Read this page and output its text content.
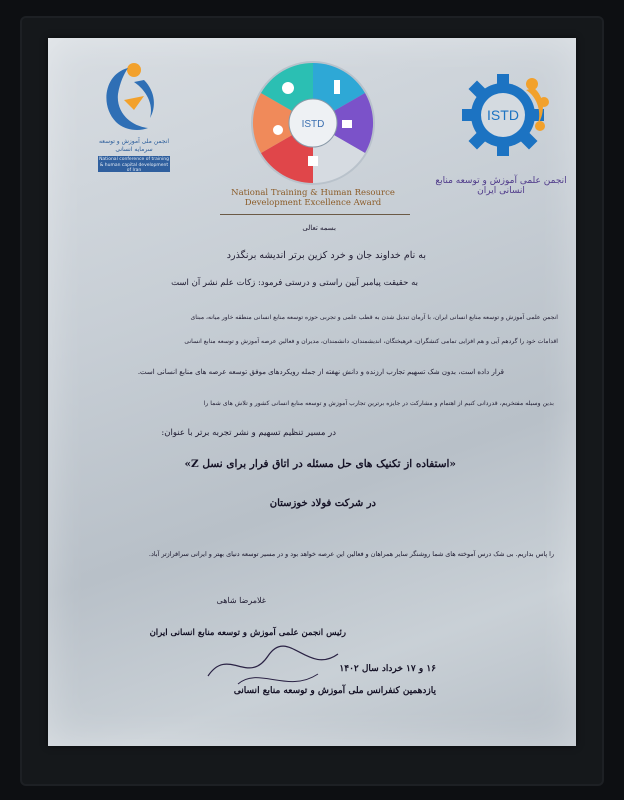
انجمن ملی آموزش و توسعه سرمایه انسانی
National conference of training & human capital development of Iran
ISTD
National Training & Human Resource Development Excellence Award
ISTD
انجمن علمی آموزش و توسعه منابع انسانی ایران
بسمه تعالی
به نام خداوند جان و خرد کزین برتر اندیشه برنگذرد
به حقیقت پیامبر آیین راستی و درستی فرمود: زکات علم نشر آن است
انجمن علمی آموزش و توسعه منابع انسانی ایران، با آرمان تبدیل شدن به قطب علمی و تجربی حوزه توسعه منابع انسانی منطقه خاور میانه، مبنای
اقدامات خود را گردهم آیی و هم افزایی تمامی کنشگران، فرهیختگان، اندیشمندان، دانشمندان، مدیران و فعالین عرصه آموزش و توسعه منابع انسانی
قرار داده است، بدون شک تسهیم تجارب ارزنده و دانش نهفته از جمله رویکردهای موفق توسعه عرصه های منابع انسانی است.
بدین وسیله مفتخریم، قدردانی کنیم از اهتمام و مشارکت در جایزه برترین تجارب آموزش و توسعه منابع انسانی کشور و تلاش های شما را
در مسیر تنظیم تسهیم و نشر تجربه برتر با عنوان:
«استفاده از تکنیک های حل مسئله در اتاق فرار برای نسل Z»
در شرکت فولاد خوزستان
را پاس بداریم. بی شک درس آموخته های شما روشنگر سایر همراهان و فعالین این عرصه خواهد بود و در مسیر توسعه دنیای بهتر و ایرانی سرافرازتر آباد.
غلامرضا شاهی
رئیس انجمن علمی آموزش و توسعه منابع انسانی ایران
۱۶ و ۱۷ خرداد سال ۱۴۰۲
یازدهمین کنفرانس ملی آموزش و توسعه منابع انسانی
